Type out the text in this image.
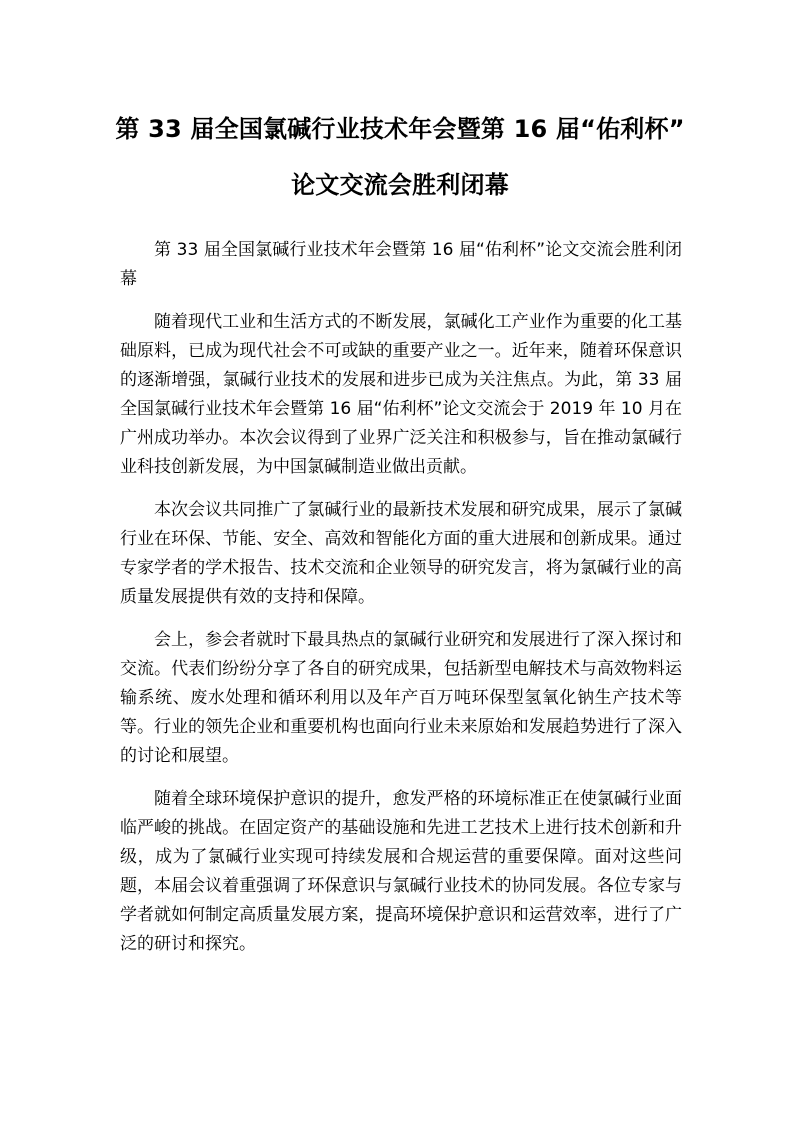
第 33 届全国氯碱行业技术年会暨第 16 届“佑利杯”
论文交流会胜利闭幕

第 33 届全国氯碱行业技术年会暨第 16 届“佑利杯”论文交流会胜利闭幕

随着现代工业和生活方式的不断发展，氯碱化工产业作为重要的化工基础原料，已成为现代社会不可或缺的重要产业之一。近年来，随着环保意识的逐渐增强，氯碱行业技术的发展和进步已成为关注焦点。为此，第 33 届全国氯碱行业技术年会暨第 16 届“佑利杯”论文交流会于 2019 年 10 月在广州成功举办。本次会议得到了业界广泛关注和积极参与，旨在推动氯碱行业科技创新发展，为中国氯碱制造业做出贡献。

本次会议共同推广了氯碱行业的最新技术发展和研究成果，展示了氯碱行业在环保、节能、安全、高效和智能化方面的重大进展和创新成果。通过专家学者的学术报告、技术交流和企业领导的研究发言，将为氯碱行业的高质量发展提供有效的支持和保障。

会上，参会者就时下最具热点的氯碱行业研究和发展进行了深入探讨和交流。代表们纷纷分享了各自的研究成果，包括新型电解技术与高效物料运输系统、废水处理和循环利用以及年产百万吨环保型氢氧化钠生产技术等等。行业的领先企业和重要机构也面向行业未来原始和发展趋势进行了深入的讨论和展望。

随着全球环境保护意识的提升，愈发严格的环境标准正在使氯碱行业面临严峻的挑战。在固定资产的基础设施和先进工艺技术上进行技术创新和升级，成为了氯碱行业实现可持续发展和合规运营的重要保障。面对这些问题，本届会议着重强调了环保意识与氯碱行业技术的协同发展。各位专家与学者就如何制定高质量发展方案，提高环境保护意识和运营效率，进行了广泛的研讨和探究。
